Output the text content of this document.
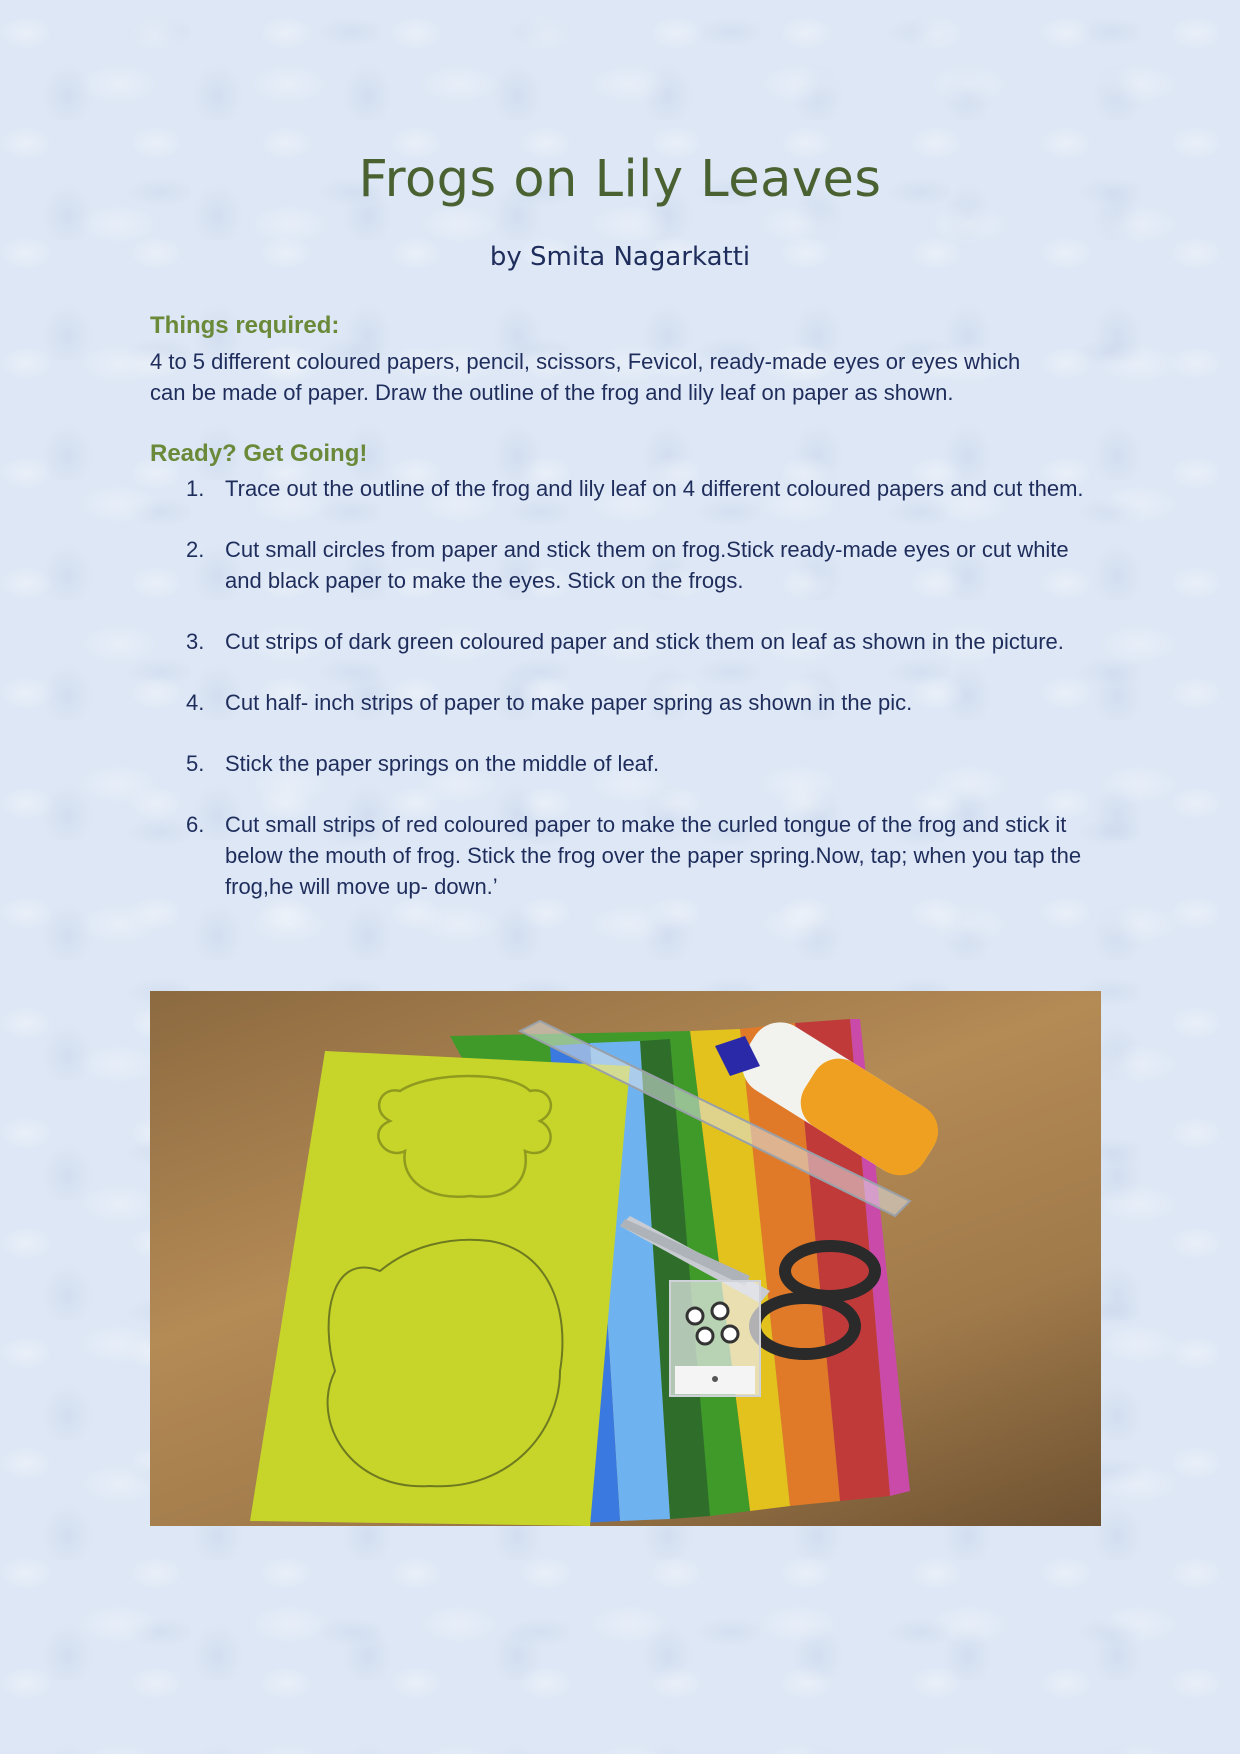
Frogs on Lily Leaves
by Smita Nagarkatti
Things required:
4 to 5 different coloured papers, pencil, scissors, Fevicol, ready-made eyes or eyes which
can be made of paper. Draw the outline of the frog and lily leaf on paper as shown.
Ready? Get Going!
1. Trace out the outline of the frog and lily leaf on 4 different coloured papers and cut them.
2. Cut small circles from paper and stick them on frog.Stick ready-made eyes or cut white and black paper to make the eyes. Stick on the frogs.
3. Cut strips of dark green coloured paper and stick them on leaf as shown in the picture.
4. Cut half- inch strips of paper to make paper spring as shown in the pic.
5. Stick the paper springs on the middle of leaf.
6. Cut small strips of red coloured paper to make the curled tongue of the frog and stick it below the mouth of frog. Stick the frog over the paper spring.Now, tap; when you tap the frog,he will move up- down.’
